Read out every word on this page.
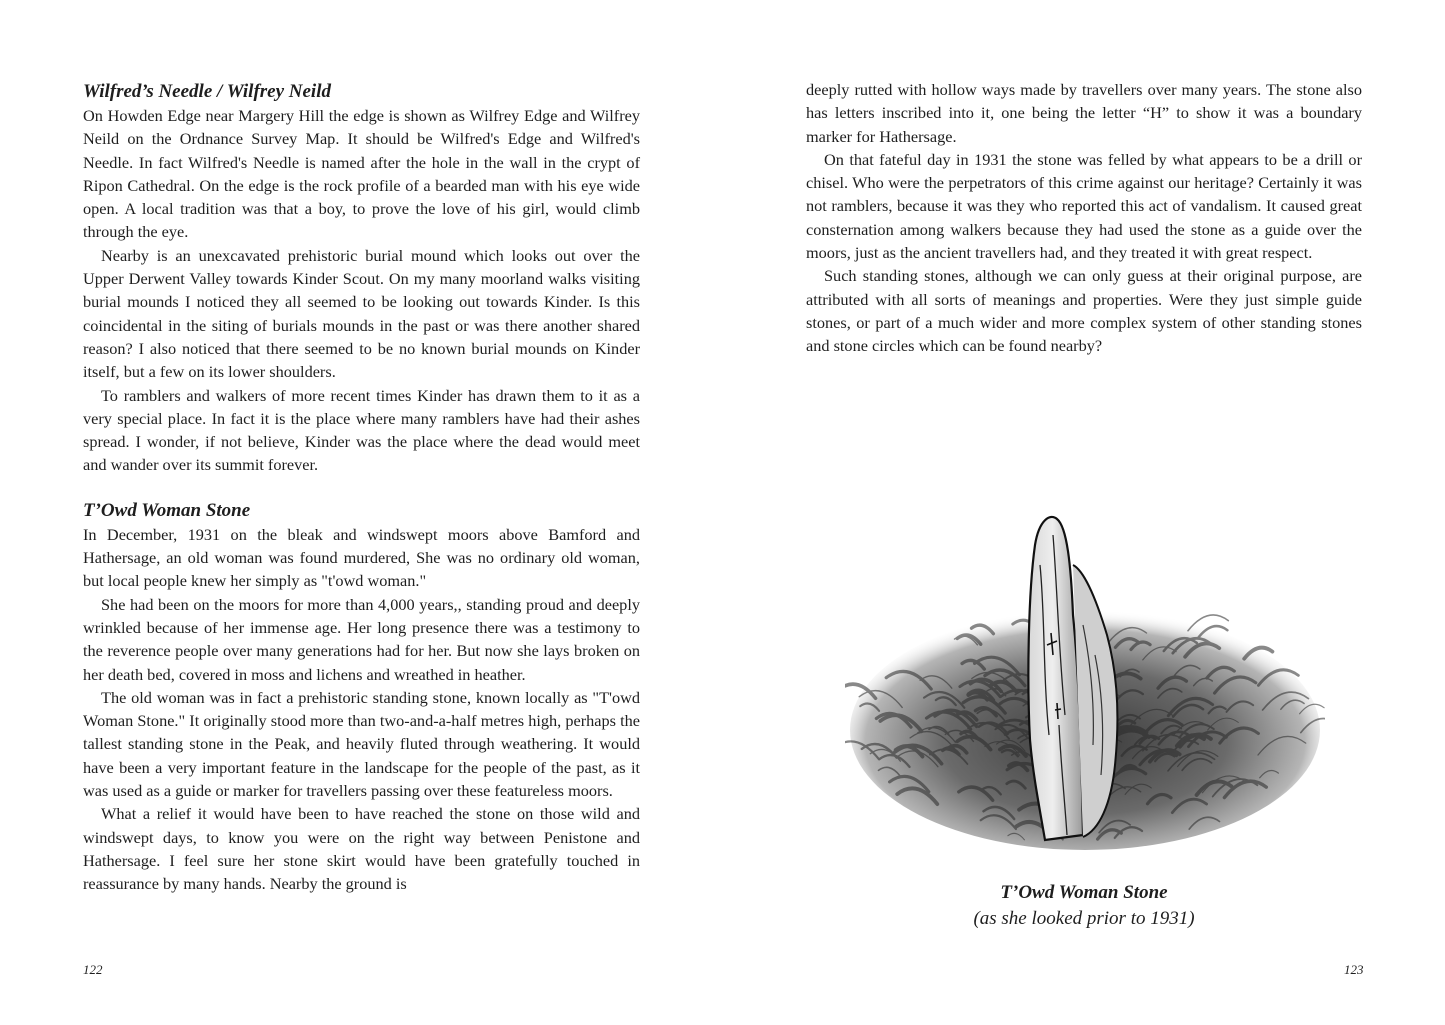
Wilfred’s Needle / Wilfrey Neild

On Howden Edge near Margery Hill the edge is shown as Wilfrey Edge and Wilfrey Neild on the Ordnance Survey Map. It should be Wilfred's Edge and Wilfred's Needle. In fact Wilfred's Needle is named after the hole in the wall in the crypt of Ripon Cathedral. On the edge is the rock profile of a bearded man with his eye wide open. A local tradition was that a boy, to prove the love of his girl, would climb through the eye.

Nearby is an unexcavated prehistoric burial mound which looks out over the Upper Derwent Valley towards Kinder Scout. On my many moorland walks visiting burial mounds I noticed they all seemed to be looking out towards Kinder. Is this coincidental in the siting of burials mounds in the past or was there another shared reason? I also noticed that there seemed to be no known burial mounds on Kinder itself, but a few on its lower shoulders.

To ramblers and walkers of more recent times Kinder has drawn them to it as a very special place. In fact it is the place where many ramblers have had their ashes spread. I wonder, if not believe, Kinder was the place where the dead would meet and wander over its summit forever.

T’Owd Woman Stone

In December, 1931 on the bleak and windswept moors above Bamford and Hathersage, an old woman was found murdered, She was no ordinary old woman, but local people knew her simply as "t'owd woman."

She had been on the moors for more than 4,000 years,, standing proud and deeply wrinkled because of her immense age. Her long presence there was a testimony to the reverence people over many generations had for her. But now she lays broken on her death bed, covered in moss and lichens and wreathed in heather.

The old woman was in fact a prehistoric standing stone, known locally as "T'owd Woman Stone." It originally stood more than two-and-a-half metres high, perhaps the tallest standing stone in the Peak, and heavily fluted through weathering. It would have been a very important feature in the landscape for the people of the past, as it was used as a guide or marker for travellers passing over these featureless moors.

What a relief it would have been to have reached the stone on those wild and windswept days, to know you were on the right way between Penistone and Hathersage. I feel sure her stone skirt would have been gratefully touched in reassurance by many hands. Nearby the ground is

122

deeply rutted with hollow ways made by travellers over many years. The stone also has letters inscribed into it, one being the letter “H” to show it was a boundary marker for Hathersage.

On that fateful day in 1931 the stone was felled by what appears to be a drill or chisel. Who were the perpetrators of this crime against our heritage? Certainly it was not ramblers, because it was they who reported this act of vandalism. It caused great consternation among walkers because they had used the stone as a guide over the moors, just as the ancient travellers had, and they treated it with great respect.

Such standing stones, although we can only guess at their original purpose, are attributed with all sorts of meanings and properties. Were they just simple guide stones, or part of a much wider and more complex system of other standing stones and stone circles which can be found nearby?

T’Owd Woman Stone
(as she looked prior to 1931)
123
